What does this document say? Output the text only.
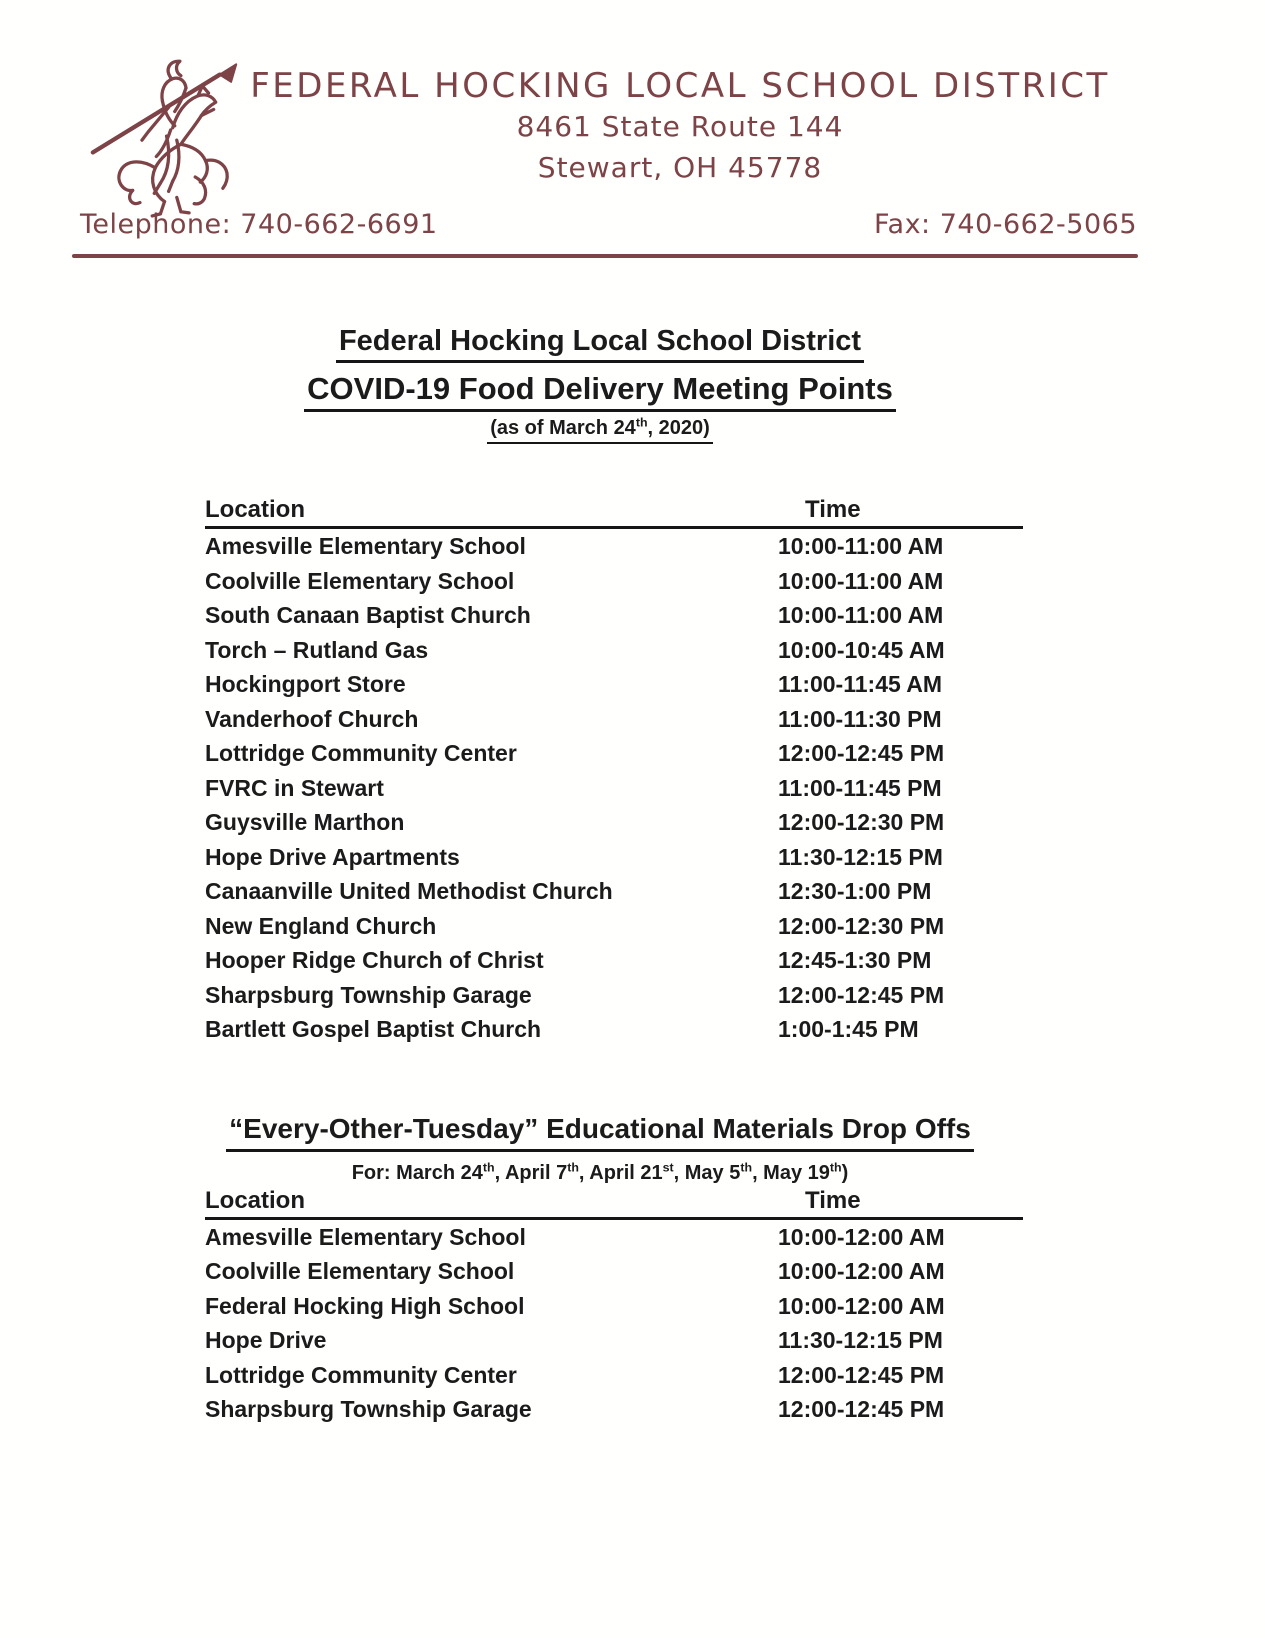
FEDERAL HOCKING LOCAL SCHOOL DISTRICT
8461 State Route 144
Stewart, OH 45778
Telephone: 740-662-6691	Fax: 740-662-5065
Federal Hocking Local School District
COVID-19 Food Delivery Meeting Points
(as of March 24th, 2020)
Location	Time
Amesville Elementary School	10:00-11:00 AM
Coolville Elementary School	10:00-11:00 AM
South Canaan Baptist Church	10:00-11:00 AM
Torch – Rutland Gas	10:00-10:45 AM
Hockingport Store	11:00-11:45 AM
Vanderhoof Church	11:00-11:30 PM
Lottridge Community Center	12:00-12:45 PM
FVRC in Stewart	11:00-11:45 PM
Guysville Marthon	12:00-12:30 PM
Hope Drive Apartments	11:30-12:15 PM
Canaanville United Methodist Church	12:30-1:00 PM
New England Church	12:00-12:30 PM
Hooper Ridge Church of Christ	12:45-1:30 PM
Sharpsburg Township Garage	12:00-12:45 PM
Bartlett Gospel Baptist Church	1:00-1:45 PM
“Every-Other-Tuesday” Educational Materials Drop Offs
For: March 24th, April 7th, April 21st, May 5th, May 19th)
Location	Time
Amesville Elementary School	10:00-12:00 AM
Coolville Elementary School	10:00-12:00 AM
Federal Hocking High School	10:00-12:00 AM
Hope Drive	11:30-12:15 PM
Lottridge Community Center	12:00-12:45 PM
Sharpsburg Township Garage	12:00-12:45 PM
